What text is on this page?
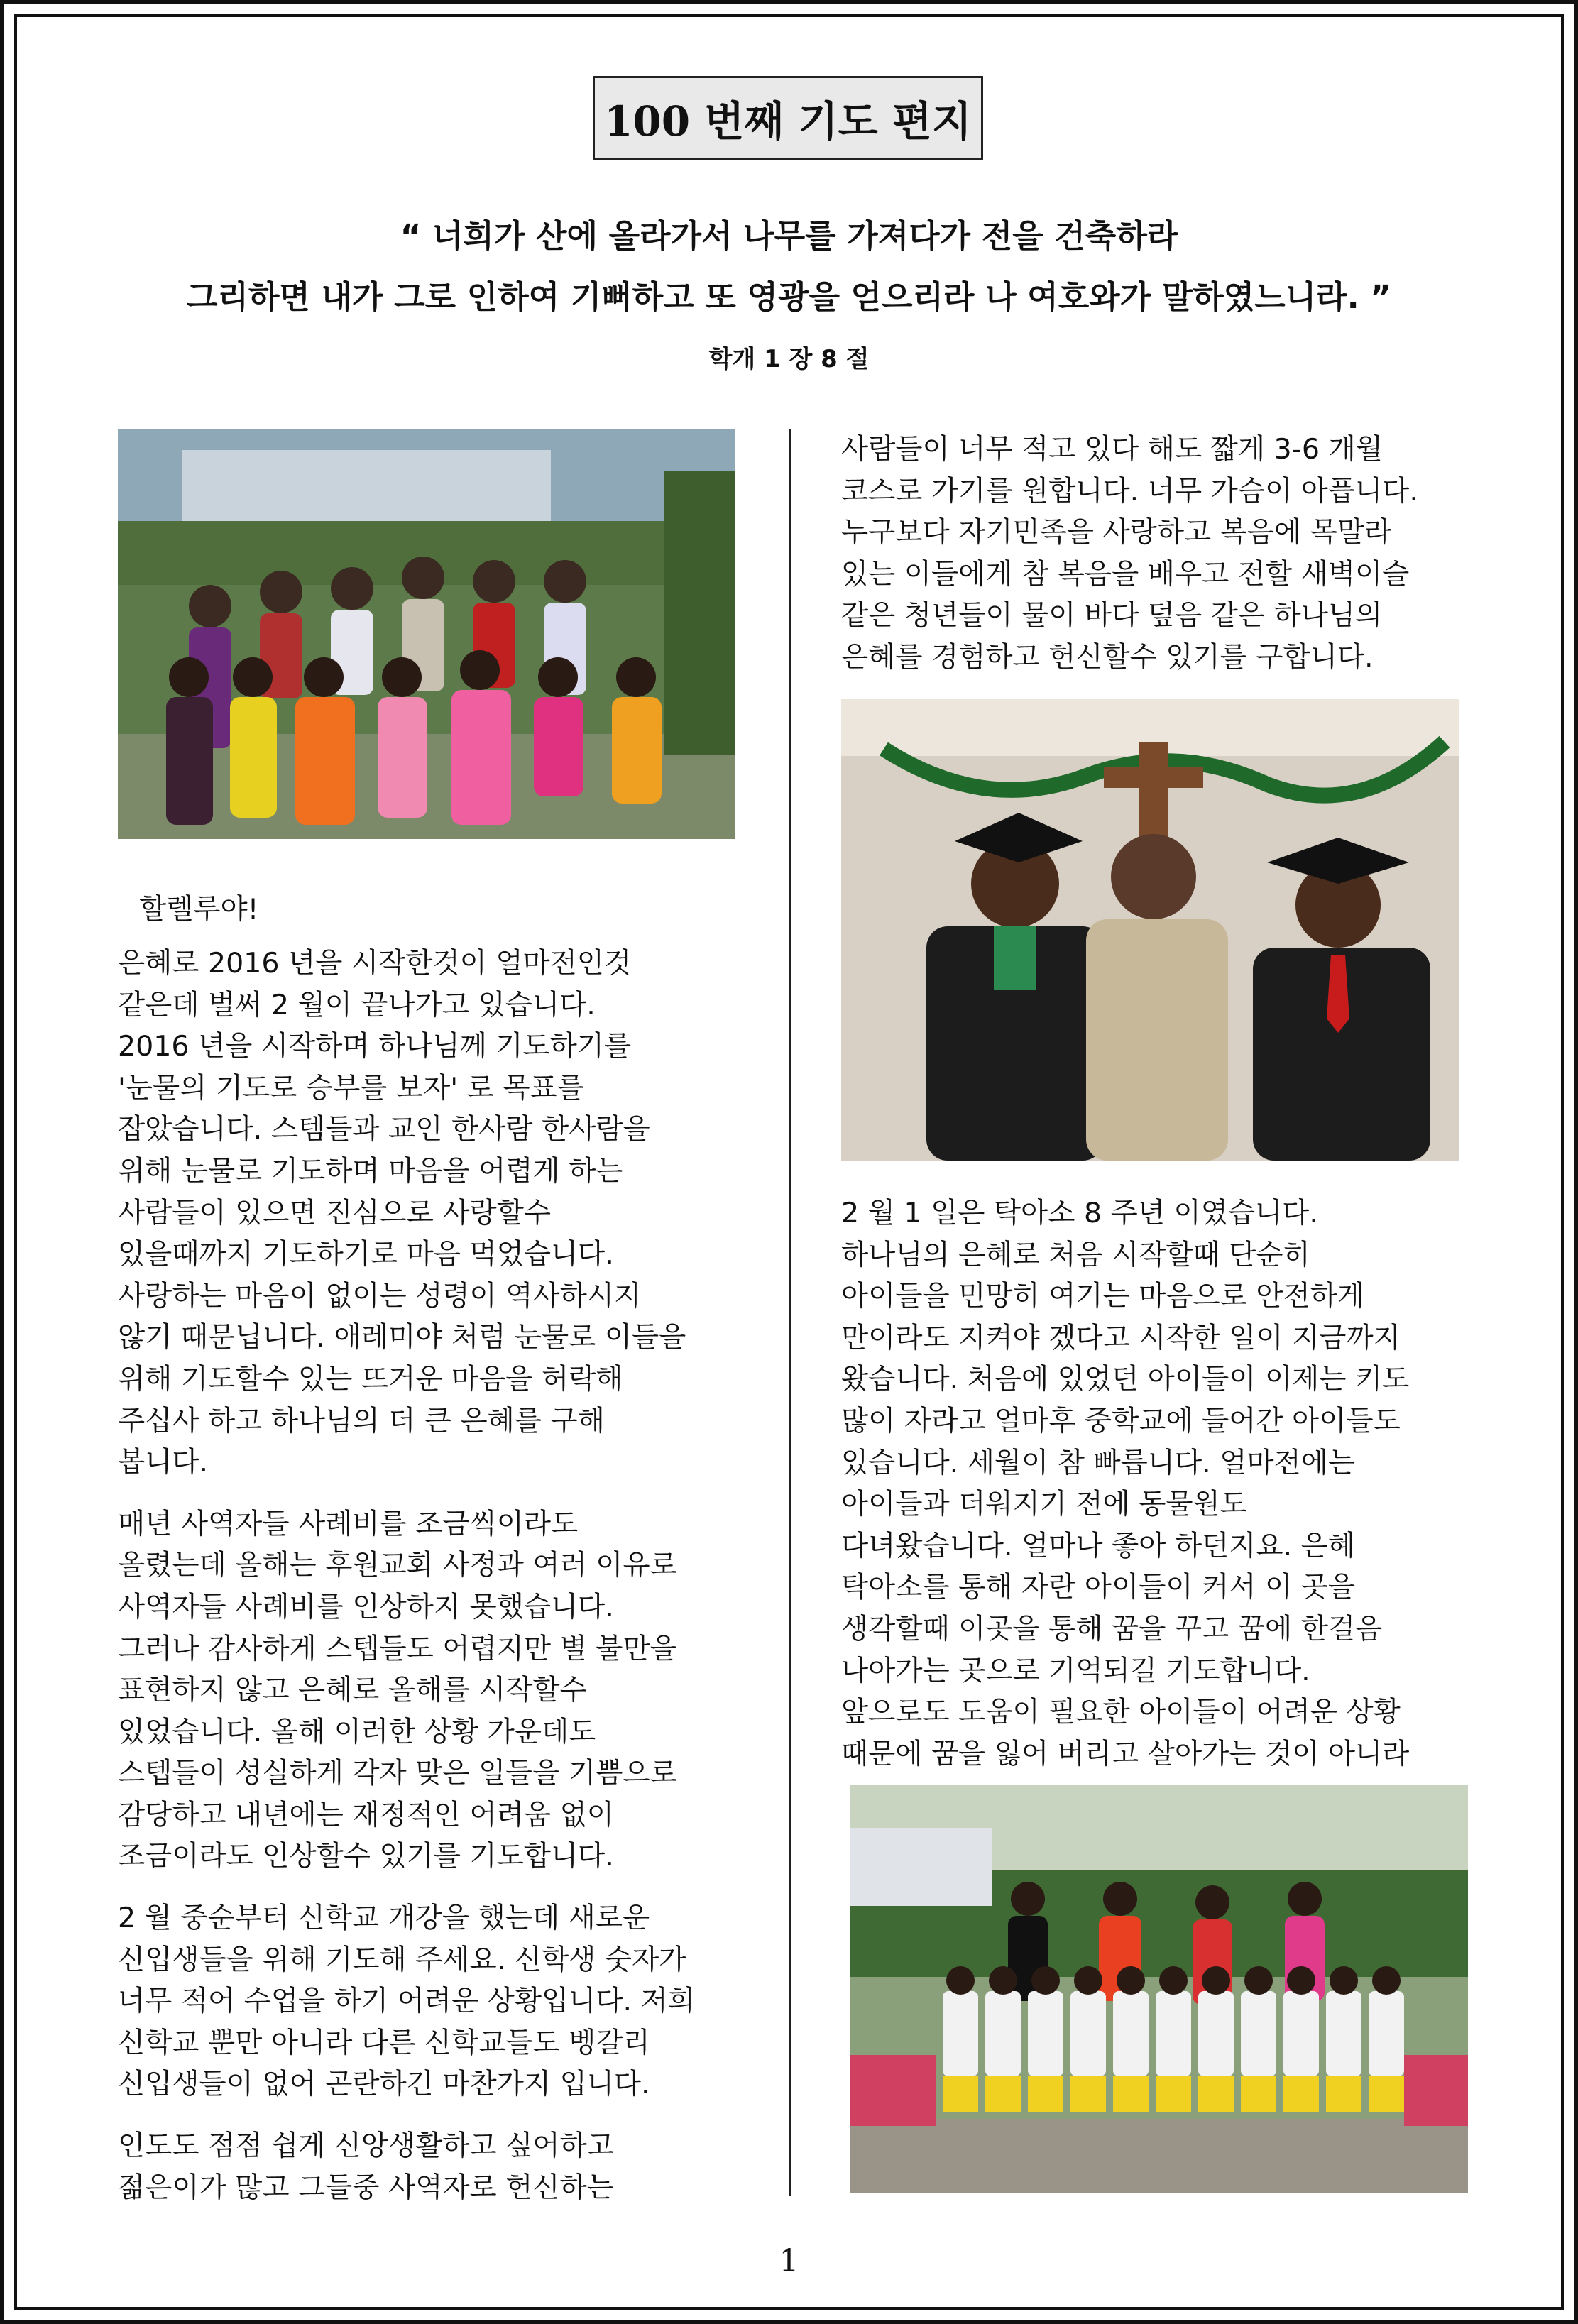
100 번째 기도 편지
“ 너희가 산에 올라가서 나무를 가져다가 전을 건축하라
그리하면 내가 그로 인하여 기뻐하고 또 영광을 얻으리라 나 여호와가 말하였느니라. ”
학개 1 장 8 절
할렐루야!

은혜로 2016 년을 시작한것이 얼마전인것

같은데 벌써 2 월이 끝나가고 있습니다.

2016 년을 시작하며 하나님께 기도하기를

'눈물의 기도로 승부를 보자' 로 목표를

잡았습니다. 스템들과 교인 한사람 한사람을

위해 눈물로 기도하며 마음을 어렵게 하는

사람들이 있으면 진심으로 사랑할수

있을때까지 기도하기로 마음 먹었습니다.

사랑하는 마음이 없이는 성령이 역사하시지

않기 때문닙니다. 애레미야 처럼 눈물로 이들을

위해 기도할수 있는 뜨거운 마음을 허락해

주십사 하고 하나님의 더 큰 은혜를 구해

봅니다.

매년 사역자들 사례비를 조금씩이라도

올렸는데 올해는 후원교회 사정과 여러 이유로

사역자들 사례비를 인상하지 못했습니다.

그러나 감사하게 스텝들도 어렵지만 별 불만을

표현하지 않고 은혜로 올해를 시작할수

있었습니다. 올해 이러한 상황 가운데도

스텝들이 성실하게 각자 맞은 일들을 기쁨으로

감당하고 내년에는 재정적인 어려움 없이

조금이라도 인상할수 있기를 기도합니다.

2 월 중순부터 신학교 개강을 했는데 새로운

신입생들을 위해 기도해 주세요. 신학생 숫자가

너무 적어 수업을 하기 어려운 상황입니다. 저희

신학교 뿐만 아니라 다른 신학교들도 벵갈리

신입생들이 없어 곤란하긴 마찬가지 입니다.

인도도 점점 쉽게 신앙생활하고 싶어하고

젊은이가 많고 그들중 사역자로 헌신하는

사람들이 너무 적고 있다 해도 짧게 3-6 개월

코스로 가기를 원합니다. 너무 가슴이 아픕니다.

누구보다 자기민족을 사랑하고 복음에 목말라

있는 이들에게 참 복음을 배우고 전할 새벽이슬

같은 청년들이 물이 바다 덮음 같은 하나님의

은혜를 경험하고 헌신할수 있기를 구합니다.

2 월 1 일은 탁아소 8 주년 이였습니다.

하나님의 은혜로 처음 시작할때 단순히

아이들을 민망히 여기는 마음으로 안전하게

만이라도 지켜야 겠다고 시작한 일이 지금까지

왔습니다. 처음에 있었던 아이들이 이제는 키도

많이 자라고 얼마후 중학교에 들어간 아이들도

있습니다. 세월이 참 빠릅니다. 얼마전에는

아이들과 더워지기 전에 동물원도

다녀왔습니다. 얼마나 좋아 하던지요. 은혜

탁아소를 통해 자란 아이들이 커서 이 곳을

생각할때 이곳을 통해 꿈을 꾸고 꿈에 한걸음

나아가는 곳으로 기억되길 기도합니다.

앞으로도 도움이 필요한 아이들이 어려운 상황

때문에 꿈을 잃어 버리고 살아가는 것이 아니라

1
